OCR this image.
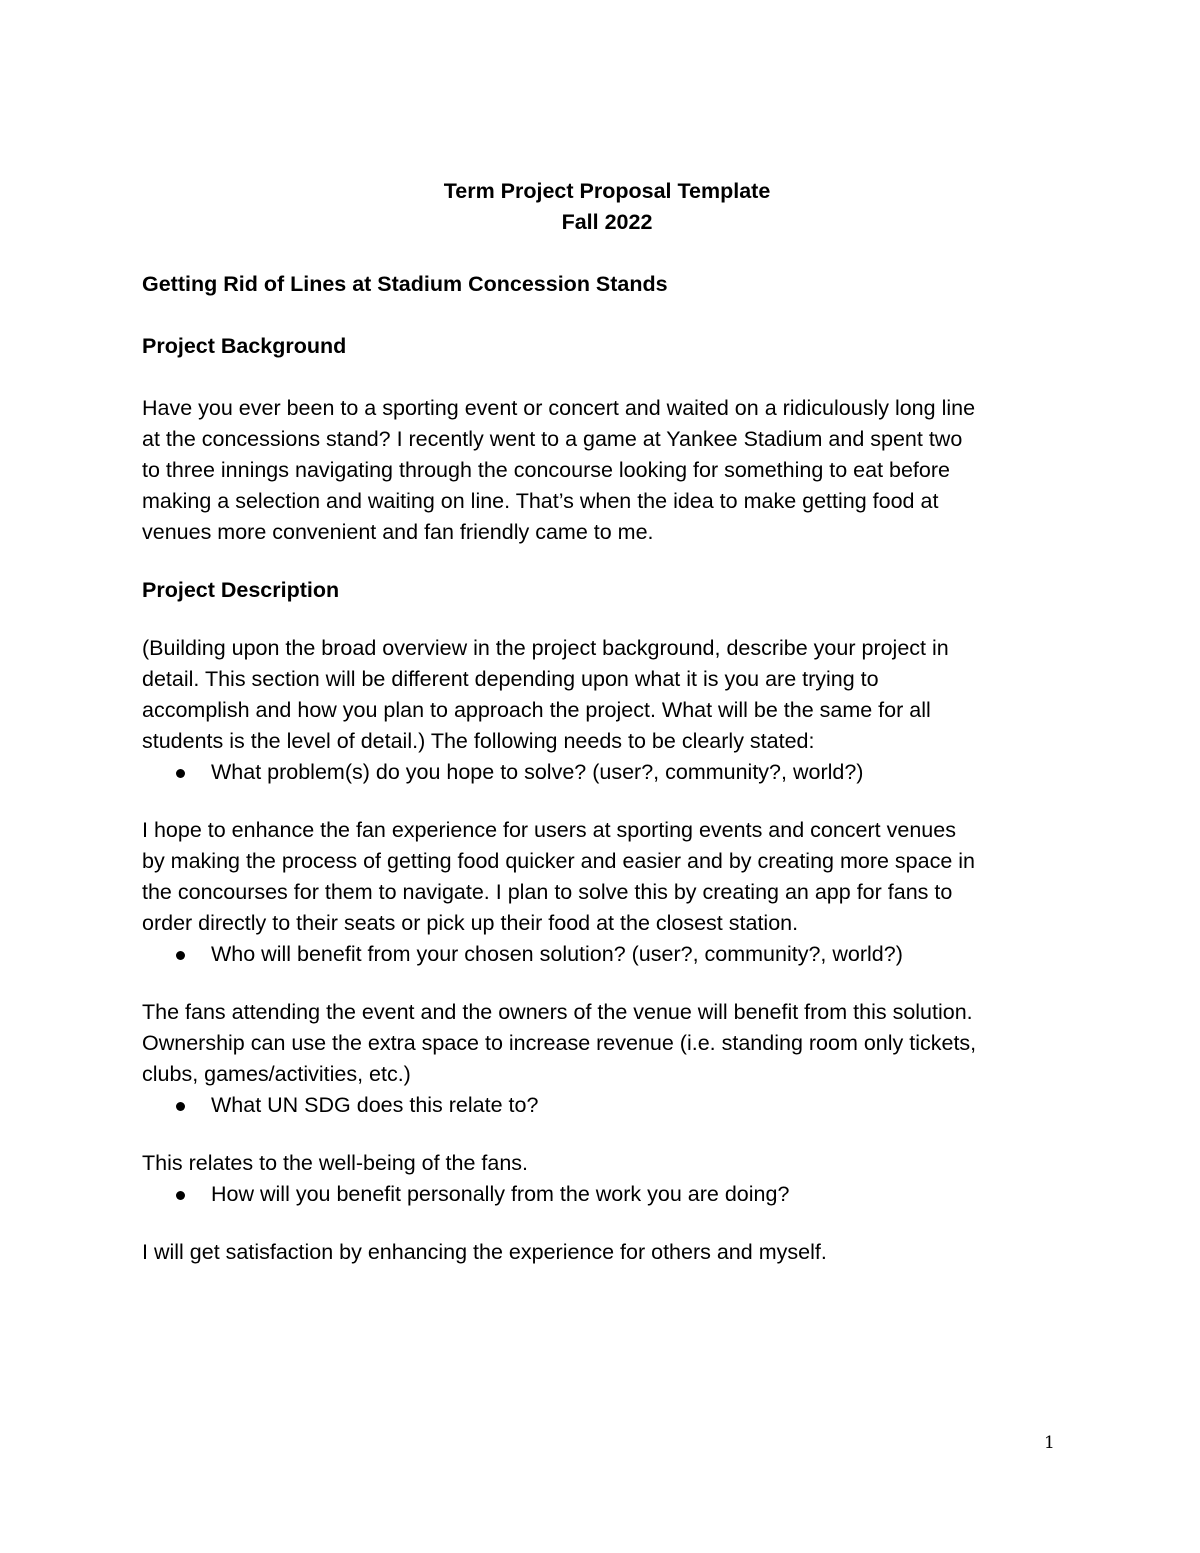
Term Project Proposal Template

Fall 2022

Getting Rid of Lines at Stadium Concession Stands

Project Background

Have you ever been to a sporting event or concert and waited on a ridiculously long line

at the concessions stand? I recently went to a game at Yankee Stadium and spent two

to three innings navigating through the concourse looking for something to eat before

making a selection and waiting on line. That’s when the idea to make getting food at

venues more convenient and fan friendly came to me.

Project Description

(Building upon the broad overview in the project background, describe your project in

detail. This section will be different depending upon what it is you are trying to

accomplish and how you plan to approach the project. What will be the same for all

students is the level of detail.) The following needs to be clearly stated:

What problem(s) do you hope to solve? (user?, community?, world?)

I hope to enhance the fan experience for users at sporting events and concert venues

by making the process of getting food quicker and easier and by creating more space in

the concourses for them to navigate. I plan to solve this by creating an app for fans to

order directly to their seats or pick up their food at the closest station.

Who will benefit from your chosen solution? (user?, community?, world?)

The fans attending the event and the owners of the venue will benefit from this solution.

Ownership can use the extra space to increase revenue (i.e. standing room only tickets,

clubs, games/activities, etc.)

What UN SDG does this relate to?

This relates to the well-being of the fans.

How will you benefit personally from the work you are doing?

I will get satisfaction by enhancing the experience for others and myself.

1
